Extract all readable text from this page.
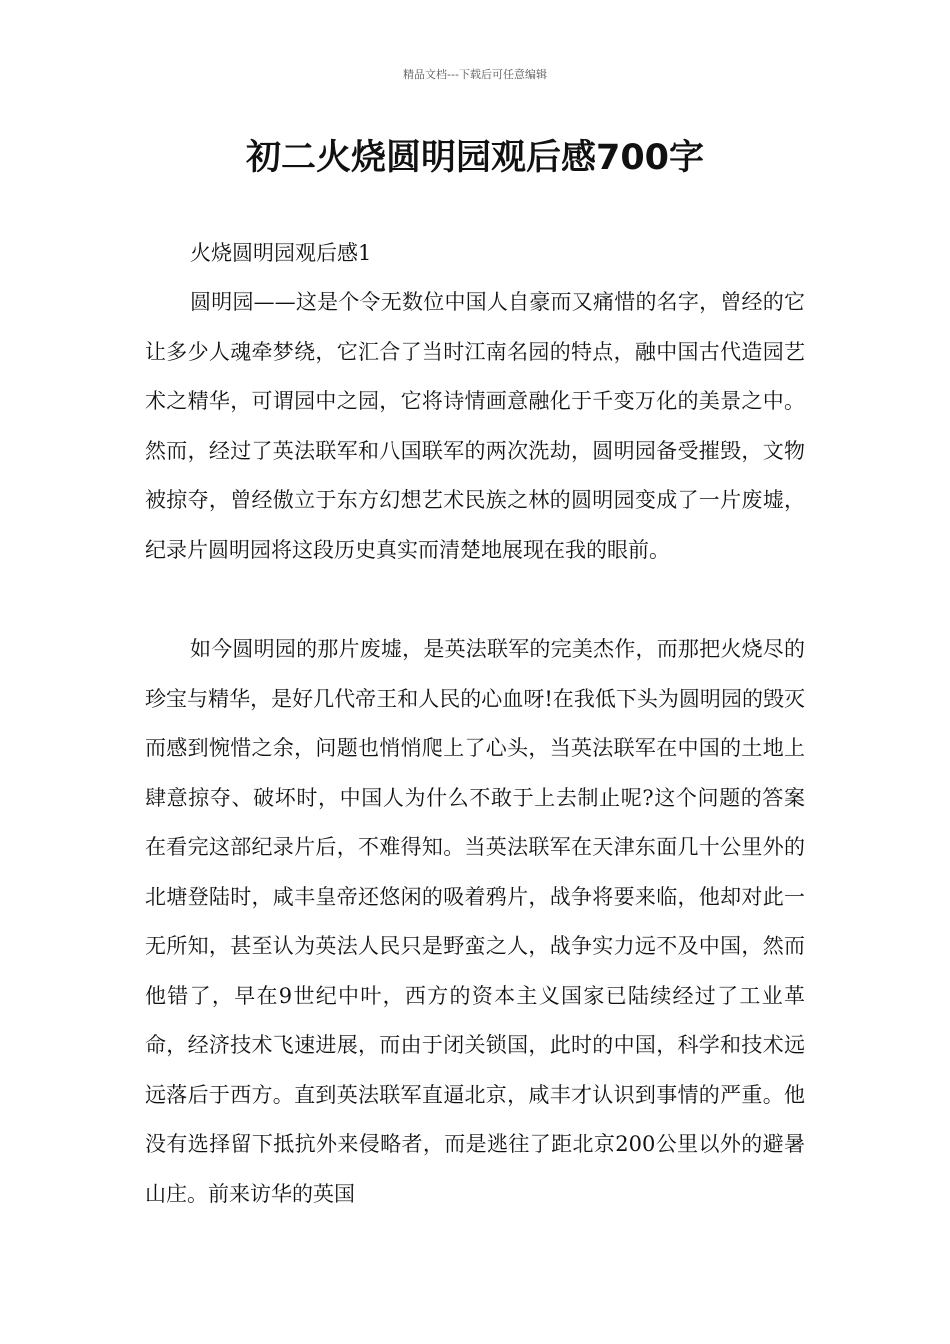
精品文档---下载后可任意编辑
初二火烧圆明园观后感700字
火烧圆明园观后感1

圆明园——这是个令无数位中国人自豪而又痛惜的名字，曾经的它让多少人魂牵梦绕，它汇合了当时江南名园的特点，融中国古代造园艺术之精华，可谓园中之园，它将诗情画意融化于千变万化的美景之中。然而，经过了英法联军和八国联军的两次洗劫，圆明园备受摧毁，文物被掠夺，曾经傲立于东方幻想艺术民族之林的圆明园变成了一片废墟，纪录片圆明园将这段历史真实而清楚地展现在我的眼前。

如今圆明园的那片废墟，是英法联军的完美杰作，而那把火烧尽的珍宝与精华，是好几代帝王和人民的心血呀!在我低下头为圆明园的毁灭而感到惋惜之余，问题也悄悄爬上了心头，当英法联军在中国的土地上肆意掠夺、破坏时，中国人为什么不敢于上去制止呢?这个问题的答案在看完这部纪录片后，不难得知。当英法联军在天津东面几十公里外的北塘登陆时，咸丰皇帝还悠闲的吸着鸦片，战争将要来临，他却对此一无所知，甚至认为英法人民只是野蛮之人，战争实力远不及中国，然而他错了，早在9世纪中叶，西方的资本主义国家已陆续经过了工业革命，经济技术飞速进展，而由于闭关锁国，此时的中国，科学和技术远远落后于西方。直到英法联军直逼北京，咸丰才认识到事情的严重。他没有选择留下抵抗外来侵略者，而是逃往了距北京200公里以外的避暑山庄。前来访华的英国
